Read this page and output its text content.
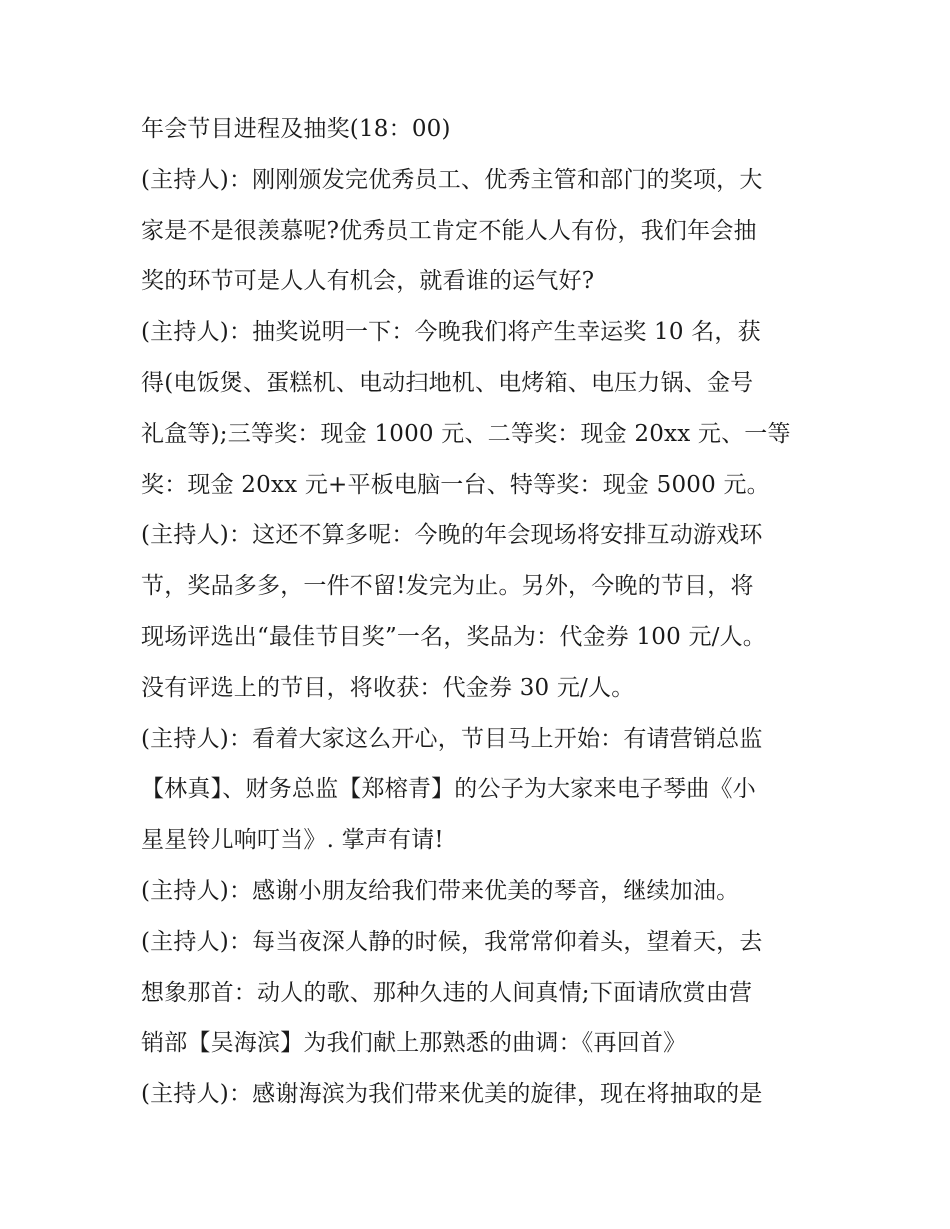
年会节目进程及抽奖(18：00)
(主持人)：刚刚颁发完优秀员工、优秀主管和部门的奖项，大
家是不是很羡慕呢?优秀员工肯定不能人人有份，我们年会抽
奖的环节可是人人有机会，就看谁的运气好?
(主持人)：抽奖说明一下：今晚我们将产生幸运奖 10 名，获
得(电饭煲、蛋糕机、电动扫地机、电烤箱、电压力锅、金号
礼盒等);三等奖：现金 1000 元、二等奖：现金 20xx 元、一等
奖：现金 20xx 元+平板电脑一台、特等奖：现金 5000 元。
(主持人)：这还不算多呢：今晚的年会现场将安排互动游戏环
节，奖品多多，一件不留!发完为止。另外，今晚的节目，将
现场评选出“最佳节目奖”一名，奖品为：代金券 100 元/人。
没有评选上的节目，将收获：代金券 30 元/人。
(主持人)：看着大家这么开心，节目马上开始：有请营销总监
【林真】、财务总监【郑榕青】的公子为大家来电子琴曲《小
星星铃儿响叮当》. 掌声有请!
(主持人)：感谢小朋友给我们带来优美的琴音，继续加油。
(主持人)：每当夜深人静的时候，我常常仰着头，望着天，去
想象那首：动人的歌、那种久违的人间真情;下面请欣赏由营
销部【吴海滨】为我们献上那熟悉的曲调：《再回首》
(主持人)：感谢海滨为我们带来优美的旋律，现在将抽取的是
